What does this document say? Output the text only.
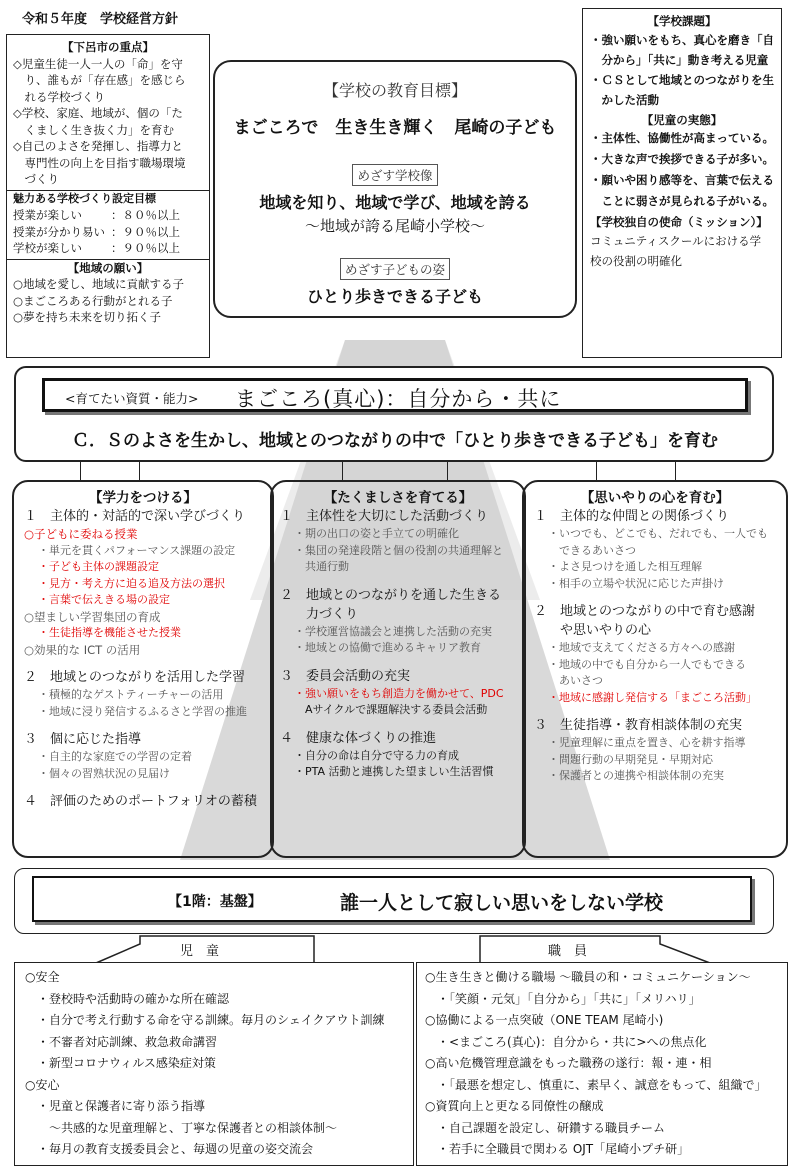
令和５年度　学校経営方針
【下呂市の重点】
◇児童生徒一人一人の「命」を守
　り、誰もが「存在感」を感じら
　れる学校づくり
◇学校、家庭、地域が、個の「た
　くましく生き抜く力」を育む
◇自己のよさを発揮し、指導力と
　専門性の向上を目指す職場環境
　づくり
魅力ある学校づくり設定目標
授業が楽しい	：８０％以上
授業が分かり易い ：９０％以上
学校が楽しい	：９０％以上
【地域の願い】
○地域を愛し、地域に貢献する子
○まごころある行動がとれる子
○夢を持ち未来を切り拓く子
【学校の教育目標】
まごころで　生き生き輝く　尾崎の子ども
めざす学校像
地域を知り、地域で学び、地域を誇る
～地域が誇る尾崎小学校～
めざす子どもの姿
ひとり歩きできる子ども
【学校課題】
・強い願いをもち、真心を磨き「自
　分から」「共に」動き考える児童
・ＣＳとして地域とのつながりを生
　かした活動
【児童の実態】
・主体性、協働性が高まっている。
・大きな声で挨拶できる子が多い。
・願いや困り感等を、言葉で伝える
　ことに弱さが見られる子がいる。
【学校独自の使命（ミッション）】
コミュニティスクールにおける学
校の役割の明確化
<育てたい資質・能力> まごころ(真心)：自分から・共に
Ｃ．Ｓのよさを生かし、地域とのつながりの中で「ひとり歩きできる子ども」を育む
【学力をつける】
１　主体的・対話的で深い学びづくり
○子どもに委ねる授業
・単元を貫くパフォーマンス課題の設定
・子ども主体の課題設定
・見方・考え方に迫る追及方法の選択
・言葉で伝えきる場の設定
○望ましい学習集団の育成
・生徒指導を機能させた授業
○効果的な ICT の活用
２　地域とのつながりを活用した学習
・積極的なゲストティーチャーの活用
・地域に浸り発信するふるさと学習の推進
３　個に応じた指導
・自主的な家庭での学習の定着
・個々の習熟状況の見届け
４　評価のためのポートフォリオの蓄積
【たくましさを育てる】
１　主体性を大切にした活動づくり
・期の出口の姿と手立ての明確化
・集団の発達段階と個の役割の共通理解と
　共通行動
２　地域とのつながりを通した生きる
　　力づくり
・学校運営協議会と連携した活動の充実
・地域との協働で進めるキャリア教育
３　委員会活動の充実
・強い願いをもち創造力を働かせて、PDC
　Aサイクルで課題解決する委員会活動
４　健康な体づくりの推進
・自分の命は自分で守る力の育成
・PTA 活動と連携した望ましい生活習慣
【思いやりの心を育む】
１　主体的な仲間との関係づくり
・いつでも、どこでも、だれでも、一人でも
　できるあいさつ
・よさ見つけを通した相互理解
・相手の立場や状況に応じた声掛け
２　地域とのつながりの中で育む感謝
　　や思いやりの心
・地域で支えてくださる方々への感謝
・地域の中でも自分から一人でもできる
　あいさつ
・地域に感謝し発信する「まごころ活動」
３　生徒指導・教育相談体制の充実
・児童理解に重点を置き、心を耕す指導
・問題行動の早期発見・早期対応
・保護者との連携や相談体制の充実
【1階：基盤】	誰一人として寂しい思いをしない学校
児　童	職　員
○安全
　・登校時や活動時の確かな所在確認
　・自分で考え行動する命を守る訓練。毎月のシェイクアウト訓練
　・不審者対応訓練、救急救命講習
　・新型コロナウィルス感染症対策
○安心
　・児童と保護者に寄り添う指導
　　～共感的な児童理解と、丁寧な保護者との相談体制～
　・毎月の教育支援委員会と、毎週の児童の姿交流会
○生き生きと働ける職場 ～職員の和・コミュニケーション～
　・「笑顔・元気」「自分から」「共に」「メリハリ」
○協働による一点突破（ONE TEAM 尾崎小)
　・<まごころ(真心)：自分から・共に>への焦点化
○高い危機管理意識をもった職務の遂行：報・連・相
　・「最悪を想定し、慎重に、素早く、誠意をもって、組織で」
○資質向上と更なる同僚性の醸成
　・自己課題を設定し、研鑽する職員チーム
　・若手に全職員で関わる OJT「尾崎小プチ研」
